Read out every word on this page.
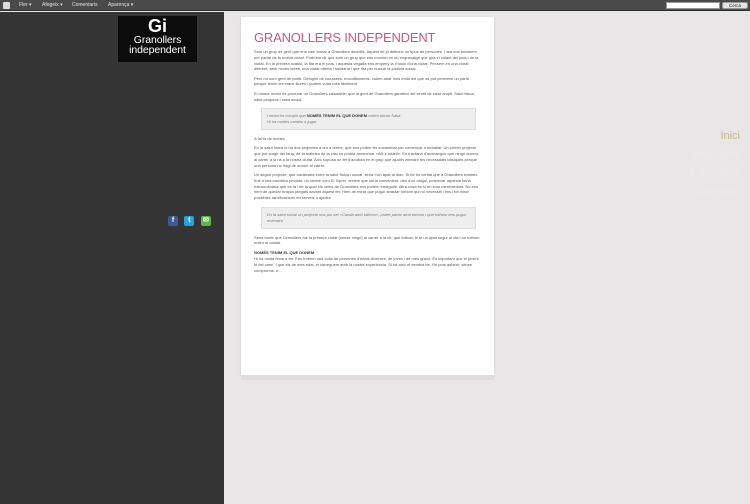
Fler ▾ Afegeix ▾ Comentaris Aparença ▾	Cerca
Gi
Granollers
independent
Inici
Afegeix-te
Adhesions
Contacte
f t ✉
GRANOLLERS INDEPENDENT

Som un grup de gent que ens vam trobar a Granollers decidits. Aquest fet ja defineix un tipus de persones. I ara ens trobarem per parlar de la nostra ciutat. Podríem dir que som un grup que ens movem en un engranatge que gira el volant del país i de la ciutat. En la primera ocasió, la fita era el país, i aquesta vegada ens empeny la il·lusió d'una ciutat. Pensem en una ciutat diferent, amb noves idees, una ciutat oberta i solidària i que tira per buscar la justícia social.

Però no som gent de partit. Defugim de cuirasses, encotillaments, volem anar més enllà del que as pot permetre un partit perquè tenim les mans lliures i podem volar més fàcilment.

El nostre motor és procurar un Granollers saludable; que la gent de Granollers gaudeixi del sentit de salut ampli: Salut física, salut psíquica i salut social.

I tenim'ho complit que NOMÉS TENIM EL QUE DONEM volem donar Salut
Hi ha moltes camins a jugar.

A fal·la de modes

En la salut física hi ha dos projectes a dur a terme, que ens poden fer encaminar per començar a treballar. Un primer projecte que pot sorgir del fang; de la mateixa de la crisi es podria anomenar «Wii e cistell». En tractaria d'aconseguir que ningú dormís al carrer a la nit a la nostra ciutat. Això suposa un fet d'acollida en el grup que ajudés atendre les necessitats bàsiques perquè una persona no hagi de dormir al carrer.

Un segon projecte, que cavalcaria entre la salut física i social, seria «Un àpat al dia». Si bé és veritat que a Granollers existeix, fruit d'una iniciativa privada, un centre com El Xiprer, creiem que seria convenient, des d'on calgui, potenciar aquesta feina extraordinària que es fa i de la qual els veïns de Granollers ens podem enorgullir. Altra cosa és si en som mereixedors. No ens hem de quedar braços plegats davant aquest fet. Hem de mirar que puguí abastar tothom qui ho necessiti i fins i tot mirar possibles ramificacions en serveis o ajudes.

En la salut social un projecte nos pot ser «Català amb tothom», poder parlar amb tothom i que tothom ens pugui entendre.

Seria bonic que Granollers fos la primera ciutat (sense ningú) al carrer a la nit, que tothom hi té un àpat segur al dia i on tothom entén el català.

NOMÉS TENIM EL QUE DONEM

Hi ha molta feina a fer. Ens trobem una colla de persones d'edats diverses; de joves i de més grans. És important que el jovent hi del camí, i que els de més edat, el carreguem amb la nostra experiència. Si tot això et sembla bé, t'hi pots adherir, sense compromís, e...
